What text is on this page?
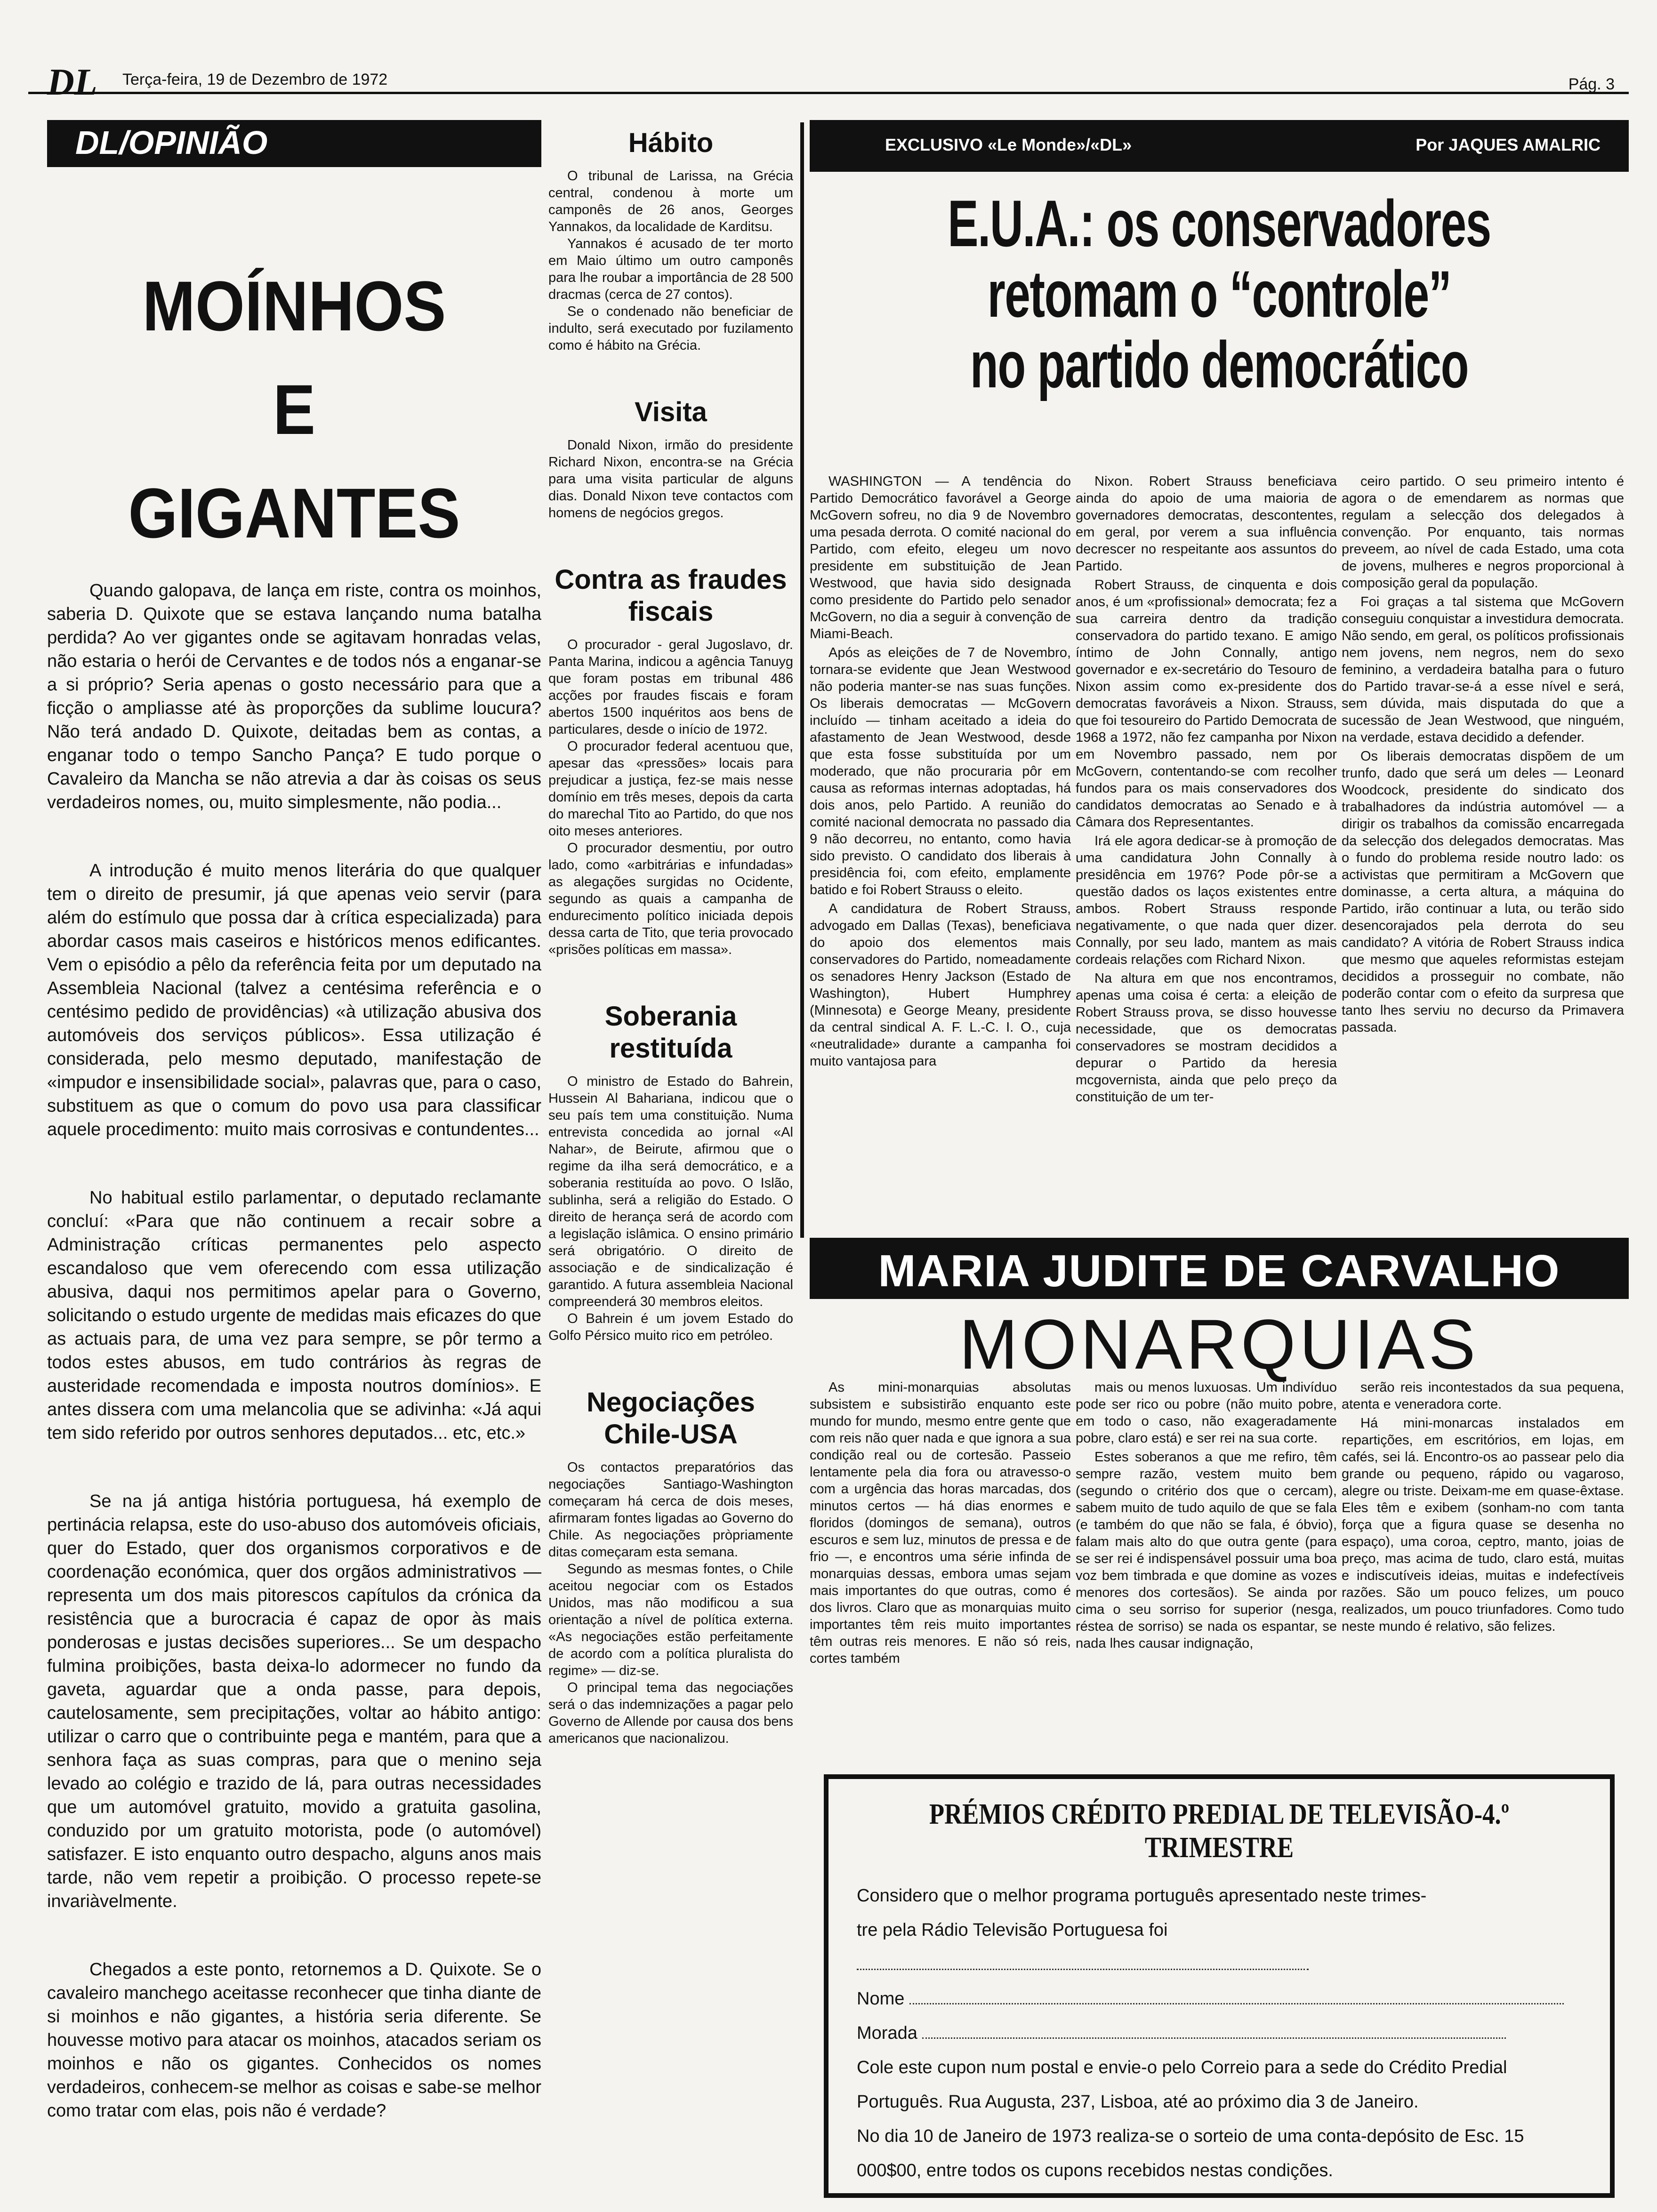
DL Terça-feira, 19 de Dezembro de 1972	Pág. 3
DL/OPINIÃO
MOÍNHOS
E
GIGANTES

Quando galopava, de lança em riste, contra os moinhos, saberia D. Quixote que se estava lançando numa batalha perdida? Ao ver gigantes onde se agitavam honradas velas, não estaria o herói de Cervantes e de todos nós a enganar-se a si próprio? Seria apenas o gosto necessário para que a ficção o ampliasse até às proporções da sublime loucura? Não terá andado D. Quixote, deitadas bem as contas, a enganar todo o tempo Sancho Pança? E tudo porque o Cavaleiro da Mancha se não atrevia a dar às coisas os seus verdadeiros nomes, ou, muito simplesmente, não podia...

A introdução é muito menos literária do que qualquer tem o direito de presumir, já que apenas veio servir (para além do estímulo que possa dar à crítica especializada) para abordar casos mais caseiros e históricos menos edificantes. Vem o episódio a pêlo da referência feita por um deputado na Assembleia Nacional (talvez a centésima referência e o centésimo pedido de providências) «à utilização abusiva dos automóveis dos serviços públicos». Essa utilização é considerada, pelo mesmo deputado, manifestação de «impudor e insensibilidade social», palavras que, para o caso, substituem as que o comum do povo usa para classificar aquele procedimento: muito mais corrosivas e contundentes...

No habitual estilo parlamentar, o deputado reclamante concluí: «Para que não continuem a recair sobre a Administração críticas permanentes pelo aspecto escandaloso que vem oferecendo com essa utilização abusiva, daqui nos permitimos apelar para o Governo, solicitando o estudo urgente de medidas mais eficazes do que as actuais para, de uma vez para sempre, se pôr termo a todos estes abusos, em tudo contrários às regras de austeridade recomendada e imposta noutros domínios». E antes dissera com uma melancolia que se adivinha: «Já aqui tem sido referido por outros senhores deputados... etc, etc.»

Se na já antiga história portuguesa, há exemplo de pertinácia relapsa, este do uso-abuso dos automóveis oficiais, quer do Estado, quer dos organismos corporativos e de coordenação económica, quer dos orgãos administrativos — representa um dos mais pitorescos capítulos da crónica da resistência que a burocracia é capaz de opor às mais ponderosas e justas decisões superiores... Se um despacho fulmina proibições, basta deixa-lo adormecer no fundo da gaveta, aguardar que a onda passe, para depois, cautelosamente, sem precipitações, voltar ao hábito antigo: utilizar o carro que o contribuinte pega e mantém, para que a senhora faça as suas compras, para que o menino seja levado ao colégio e trazido de lá, para outras necessidades que um automóvel gratuito, movido a gratuita gasolina, conduzido por um gratuito motorista, pode (o automóvel) satisfazer. E isto enquanto outro despacho, alguns anos mais tarde, não vem repetir a proibição. O processo repete-se invariàvelmente.

Chegados a este ponto, retornemos a D. Quixote. Se o cavaleiro manchego aceitasse reconhecer que tinha diante de si moinhos e não gigantes, a história seria diferente. Se houvesse motivo para atacar os moinhos, atacados seriam os moinhos e não os gigantes. Conhecidos os nomes verdadeiros, conhecem-se melhor as coisas e sabe-se melhor como tratar com elas, pois não é verdade?

Hábito

O tribunal de Larissa, na Grécia central, condenou à morte um camponês de 26 anos, Georges Yannakos, da localidade de Karditsu.

Yannakos é acusado de ter morto em Maio último um outro camponês para lhe roubar a importância de 28 500 dracmas (cerca de 27 contos).

Se o condenado não beneficiar de indulto, será executado por fuzilamento como é hábito na Grécia.

Visita

Donald Nixon, irmão do presidente Richard Nixon, encontra-se na Grécia para uma visita particular de alguns dias. Donald Nixon teve contactos com homens de negócios gregos.

Contra as fraudes fiscais

O procurador - geral Jugoslavo, dr. Panta Marina, indicou a agência Tanuyg que foram postas em tribunal 486 acções por fraudes fiscais e foram abertos 1500 inquéritos aos bens de particulares, desde o início de 1972.

O procurador federal acentuou que, apesar das «pressões» locais para prejudicar a justiça, fez-se mais nesse domínio em três meses, depois da carta do marechal Tito ao Partido, do que nos oito meses anteriores.

O procurador desmentiu, por outro lado, como «arbitrárias e infundadas» as alegações surgidas no Ocidente, segundo as quais a campanha de endurecimento político iniciada depois dessa carta de Tito, que teria provocado «prisões políticas em massa».

Soberania restituída

O ministro de Estado do Bahrein, Hussein Al Bahariana, indicou que o seu país tem uma constituição. Numa entrevista concedida ao jornal «Al Nahar», de Beirute, afirmou que o regime da ilha será democrático, e a soberania restituída ao povo. O Islão, sublinha, será a religião do Estado. O direito de herança será de acordo com a legislação islâmica. O ensino primário será obrigatório. O direito de associação e de sindicalização é garantido. A futura assembleia Nacional compreenderá 30 membros eleitos.

O Bahrein é um jovem Estado do Golfo Pérsico muito rico em petróleo.

Negociações Chile-USA

Os contactos preparatórios das negociações Santiago-Washington começaram há cerca de dois meses, afirmaram fontes ligadas ao Governo do Chile. As negociações pròpriamente ditas começaram esta semana.

Segundo as mesmas fontes, o Chile aceitou negociar com os Estados Unidos, mas não modificou a sua orientação a nível de política externa. «As negociações estão perfeitamente de acordo com a política pluralista do regime» — diz-se.

O principal tema das negociações será o das indemnizações a pagar pelo Governo de Allende por causa dos bens americanos que nacionalizou.

EXCLUSIVO «Le Monde»/«DL»	Por JAQUES AMALRIC
E.U.A.: os conservadores
retomam o “controle”
no partido democrático

WASHINGTON — A tendência do Partido Democrático favorável a George McGovern sofreu, no dia 9 de Novembro uma pesada derrota. O comité nacional do Partido, com efeito, elegeu um novo presidente em substituição de Jean Westwood, que havia sido designada como presidente do Partido pelo senador McGovern, no dia a seguir à convenção de Miami-Beach.

Após as eleições de 7 de Novembro, tornara-se evidente que Jean Westwood não poderia manter-se nas suas funções. Os liberais democratas — McGovern incluído — tinham aceitado a ideia do afastamento de Jean Westwood, desde que esta fosse substituída por um moderado, que não procuraria pôr em causa as reformas internas adoptadas, há dois anos, pelo Partido. A reunião do comité nacional democrata no passado dia 9 não decorreu, no entanto, como havia sido previsto. O candidato dos liberais à presidência foi, com efeito, emplamente batido e foi Robert Strauss o eleito.

A candidatura de Robert Strauss, advogado em Dallas (Texas), beneficiava do apoio dos elementos mais conservadores do Partido, nomeadamente os senadores Henry Jackson (Estado de Washington), Hubert Humphrey (Minnesota) e George Meany, presidente da central sindical A. F. L.-C. I. O., cuja «neutralidade» durante a campanha foi muito vantajosa para

Nixon. Robert Strauss beneficiava ainda do apoio de uma maioria de governadores democratas, descontentes, em geral, por verem a sua influência decrescer no respeitante aos assuntos do Partido.

Robert Strauss, de cinquenta e dois anos, é um «profissional» democrata; fez a sua carreira dentro da tradição conservadora do partido texano. E amigo íntimo de John Connally, antigo governador e ex-secretário do Tesouro de Nixon assim como ex-presidente dos democratas favoráveis a Nixon. Strauss, que foi tesoureiro do Partido Democrata de 1968 a 1972, não fez campanha por Nixon em Novembro passado, nem por McGovern, contentando-se com recolher fundos para os mais conservadores dos candidatos democratas ao Senado e à Câmara dos Representantes.

Irá ele agora dedicar-se à promoção de uma candidatura John Connally à presidência em 1976? Pode pôr-se a questão dados os laços existentes entre ambos. Robert Strauss responde negativamente, o que nada quer dizer. Connally, por seu lado, mantem as mais cordeais relações com Richard Nixon.

Na altura em que nos encontramos, apenas uma coisa é certa: a eleição de Robert Strauss prova, se disso houvesse necessidade, que os democratas conservadores se mostram decididos a depurar o Partido da heresia mcgovernista, ainda que pelo preço da constituição de um ter-

ceiro partido. O seu primeiro intento é agora o de emendarem as normas que regulam a selecção dos delegados à convenção. Por enquanto, tais normas preveem, ao nível de cada Estado, uma cota de jovens, mulheres e negros proporcional à composição geral da população.

Foi graças a tal sistema que McGovern conseguiu conquistar a investidura democrata. Não sendo, em geral, os políticos profissionais nem jovens, nem negros, nem do sexo feminino, a verdadeira batalha para o futuro do Partido travar-se-á a esse nível e será, sem dúvida, mais disputada do que a sucessão de Jean Westwood, que ninguém, na verdade, estava decidido a defender.

Os liberais democratas dispõem de um trunfo, dado que será um deles — Leonard Woodcock, presidente do sindicato dos trabalhadores da indústria automóvel — a dirigir os trabalhos da comissão encarregada da selecção dos delegados democratas. Mas o fundo do problema reside noutro lado: os activistas que permitiram a McGovern que dominasse, a certa altura, a máquina do Partido, irão continuar a luta, ou terão sido desencorajados pela derrota do seu candidato? A vitória de Robert Strauss indica que mesmo que aqueles reformistas estejam decididos a prosseguir no combate, não poderão contar com o efeito da surpresa que tanto lhes serviu no decurso da Primavera passada.

MARIA JUDITE DE CARVALHO
MONARQUIAS

As mini-monarquias absolutas subsistem e subsistirão enquanto este mundo for mundo, mesmo entre gente que com reis não quer nada e que ignora a sua condição real ou de cortesão. Passeio lentamente pela dia fora ou atravesso-o com a urgência das horas marcadas, dos minutos certos — há dias enormes e floridos (domingos de semana), outros escuros e sem luz, minutos de pressa e de frio —, e encontros uma série infinda de monarquias dessas, embora umas sejam mais importantes do que outras, como é dos livros. Claro que as monarquias muito importantes têm reis muito importantes têm outras reis menores. E não só reis, cortes também

mais ou menos luxuosas. Um indivíduo pode ser rico ou pobre (não muito pobre, em todo o caso, não exageradamente pobre, claro está) e ser rei na sua corte.

Estes soberanos a que me refiro, têm sempre razão, vestem muito bem (segundo o critério dos que o cercam), sabem muito de tudo aquilo de que se fala (e também do que não se fala, é óbvio), falam mais alto do que outra gente (para se ser rei é indispensável possuir uma boa voz bem timbrada e que domine as vozes menores dos cortesãos). Se ainda por cima o seu sorriso for superior (nesga, réstea de sorriso) se nada os espantar, se nada lhes causar indignação,

serão reis incontestados da sua pequena, atenta e veneradora corte.

Há mini-monarcas instalados em repartições, em escritórios, em lojas, em cafés, sei lá. Encontro-os ao passear pelo dia grande ou pequeno, rápido ou vagaroso, alegre ou triste. Deixam-me em quase-êxtase. Eles têm e exibem (sonham-no com tanta força que a figura quase se desenha no espaço), uma coroa, ceptro, manto, joias de preço, mas acima de tudo, claro está, muitas e indiscutíveis ideias, muitas e indefectíveis razões. São um pouco felizes, um pouco realizados, um pouco triunfadores. Como tudo neste mundo é relativo, são felizes.

PRÉMIOS CRÉDITO PREDIAL DE TELEVISÃO-4.º TRIMESTRE
Considero que o melhor programa português apresentado neste trimes-
tre pela Rádio Televisão Portuguesa foi
Nome
Morada
Cole este cupon num postal e envie-o pelo Correio para a sede do Crédito Predial Português. Rua Augusta, 237, Lisboa, até ao próximo dia 3 de Janeiro.
No dia 10 de Janeiro de 1973 realiza-se o sorteio de uma conta-depósito de Esc. 15 000$00, entre todos os cupons recebidos nestas condições.
